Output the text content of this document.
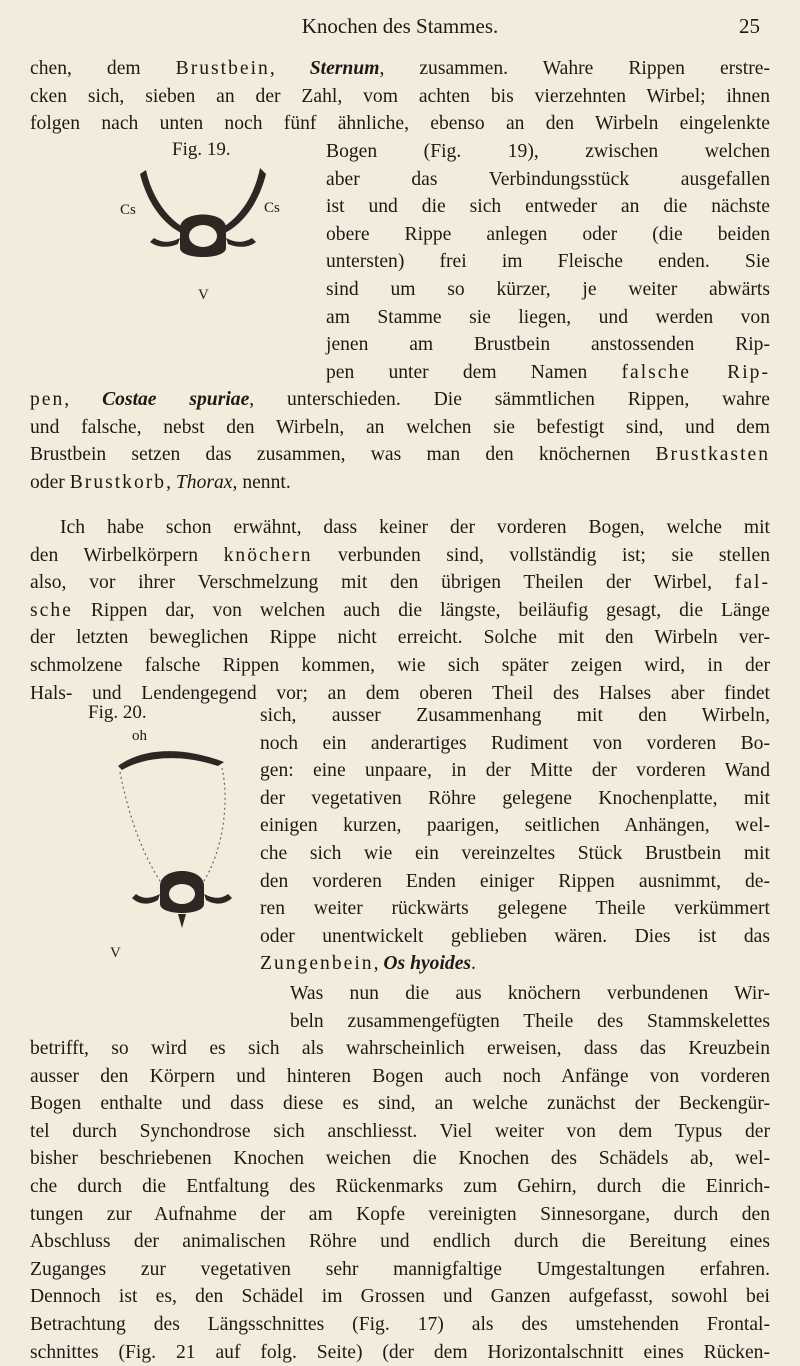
Knochen des Stammes.	25
chen, dem Brustbein, Sternum, zusammen. Wahre Rippen erstre-
cken sich, sieben an der Zahl, vom achten bis vierzehnten Wirbel; ihnen
folgen nach unten noch fünf ähnliche, ebenso an den Wirbeln eingelenkte
Fig. 19.
Cs	Cs
V
Bogen (Fig. 19), zwischen welchen
aber das Verbindungsstück ausgefallen
ist und die sich entweder an die nächste
obere Rippe anlegen oder (die beiden
untersten) frei im Fleische enden. Sie
sind um so kürzer, je weiter abwärts
am Stamme sie liegen, und werden von
jenen am Brustbein anstossenden Rip-
pen unter dem Namen falsche Rip-
pen, Costae spuriae, unterschieden. Die sämmtlichen Rippen, wahre
und falsche, nebst den Wirbeln, an welchen sie befestigt sind, und dem
Brustbein setzen das zusammen, was man den knöchernen Brustkasten
oder Brustkorb, Thorax, nennt.
Ich habe schon erwähnt, dass keiner der vorderen Bogen, welche mit
den Wirbelkörpern knöchern verbunden sind, vollständig ist; sie stellen
also, vor ihrer Verschmelzung mit den übrigen Theilen der Wirbel, fal-
sche Rippen dar, von welchen auch die längste, beiläufig gesagt, die Länge
der letzten beweglichen Rippe nicht erreicht. Solche mit den Wirbeln ver-
schmolzene falsche Rippen kommen, wie sich später zeigen wird, in der
Hals- und Lendengegend vor; an dem oberen Theil des Halses aber findet
Fig. 20.
oh
V
sich, ausser Zusammenhang mit den Wirbeln,
noch ein anderartiges Rudiment von vorderen Bo-
gen: eine unpaare, in der Mitte der vorderen Wand
der vegetativen Röhre gelegene Knochenplatte, mit
einigen kurzen, paarigen, seitlichen Anhängen, wel-
che sich wie ein vereinzeltes Stück Brustbein mit
den vorderen Enden einiger Rippen ausnimmt, de-
ren weiter rückwärts gelegene Theile verkümmert
oder unentwickelt geblieben wären. Dies ist das
Zungenbein, Os hyoides.
Was nun die aus knöchern verbundenen Wir-
beln zusammengefügten Theile des Stammskelettes
betrifft, so wird es sich als wahrscheinlich erweisen, dass das Kreuzbein
ausser den Körpern und hinteren Bogen auch noch Anfänge von vorderen
Bogen enthalte und dass diese es sind, an welche zunächst der Beckengür-
tel durch Synchondrose sich anschliesst. Viel weiter von dem Typus der
bisher beschriebenen Knochen weichen die Knochen des Schädels ab, wel-
che durch die Entfaltung des Rückenmarks zum Gehirn, durch die Einrich-
tungen zur Aufnahme der am Kopfe vereinigten Sinnesorgane, durch den
Abschluss der animalischen Röhre und endlich durch die Bereitung eines
Zuganges zur vegetativen sehr mannigfaltige Umgestaltungen erfahren.
Dennoch ist es, den Schädel im Grossen und Ganzen aufgefasst, sowohl bei
Betrachtung des Längsschnittes (Fig. 17) als des umstehenden Frontal-
schnittes (Fig. 21 auf folg. Seite) (der dem Horizontalschnitt eines Rücken-
